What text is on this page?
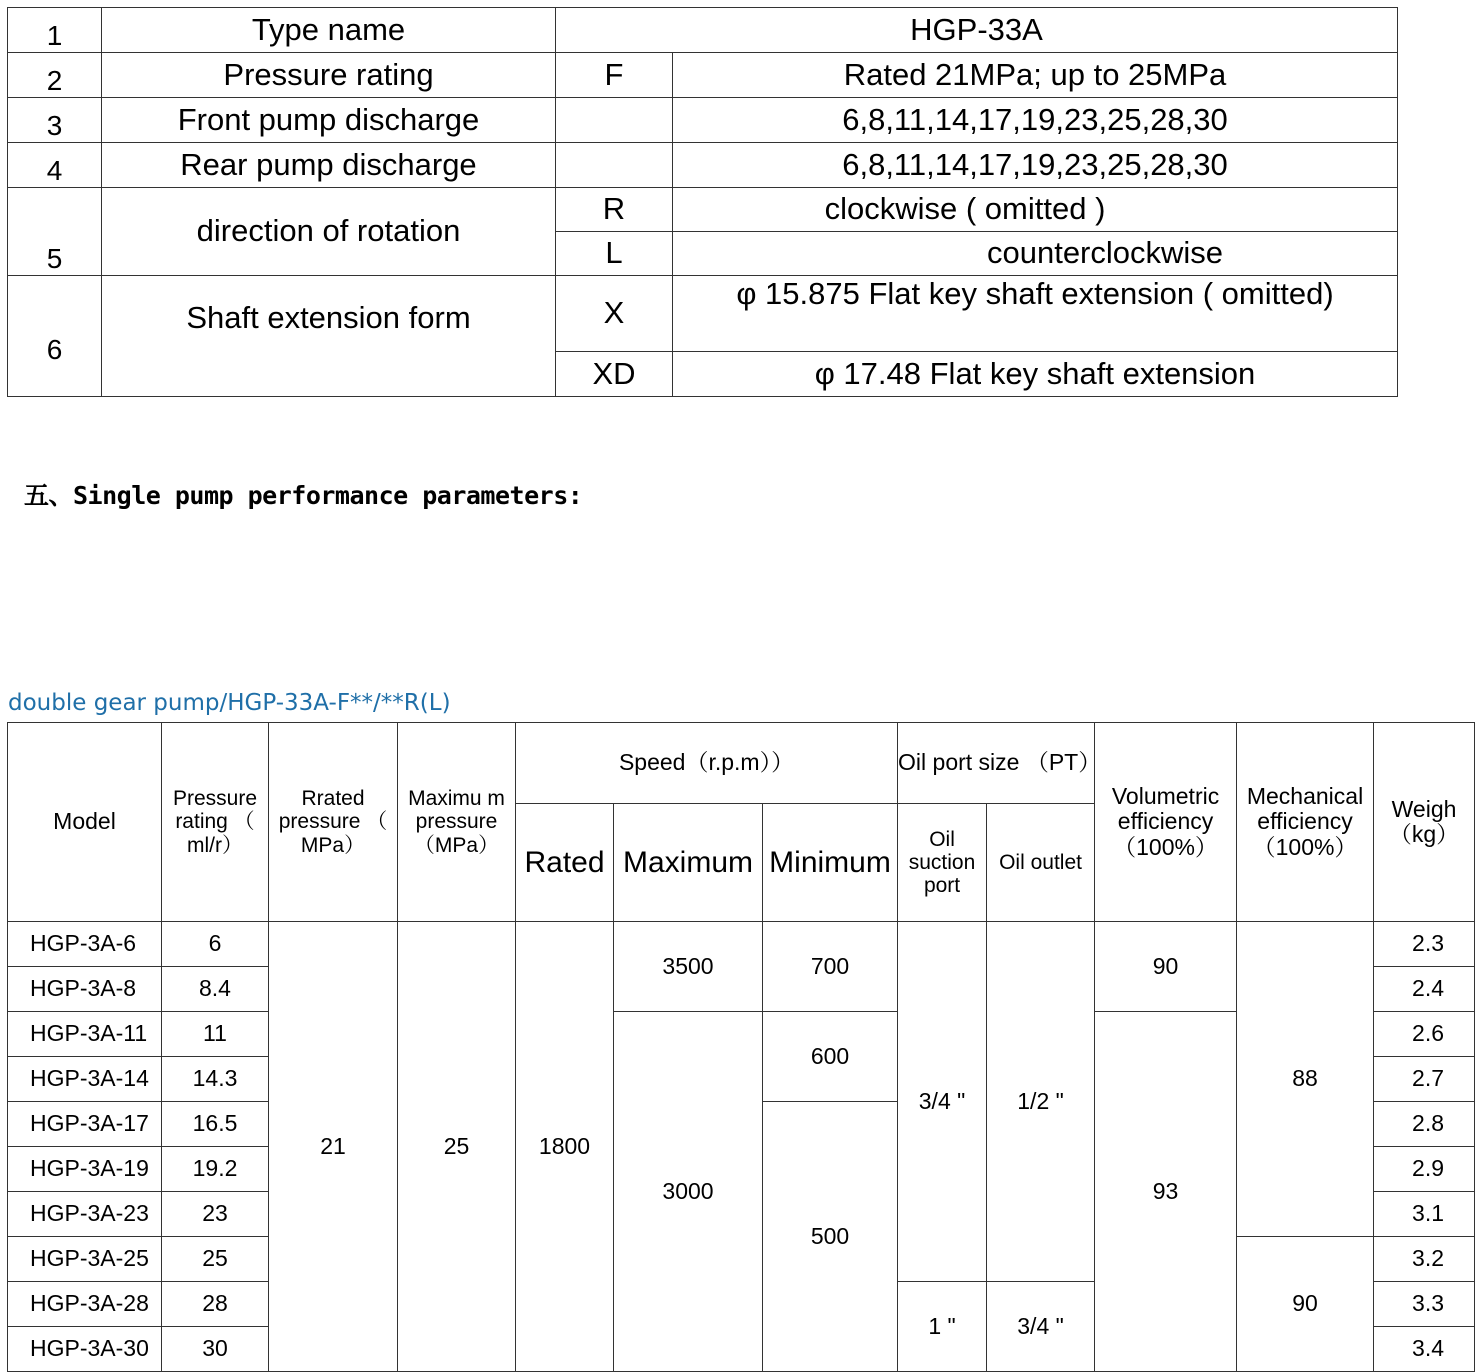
1	Type name	HGP-33A	
2	Pressure rating	F	Rated 21MPa; up to 25MPa
3	Front pump discharge		6,8,11,14,17,19,23,25,28,30
4	Rear pump discharge		6,8,11,14,17,19,23,25,28,30
5	direction of rotation	R	clockwise ( omitted )
		L	counterclockwise
6	Shaft extension form	X	φ 15.875 Flat key shaft extension ( omitted)
		XD	φ 17.48 Flat key shaft extension
五、Single pump performance parameters:
double gear pump/HGP-33A-F**/**R(L)
Model	Pressure rating （ ml/r）	Rrated pressure （ MPa）	Maximu m pressure （MPa）	Speed（r.p.m））			Oil port size （PT）		Volumetric efficiency （100%）	Mechanical efficiency （100%）	Weigh （kg）
				Rated	Maximum	Minimum	Oil suction port	Oil outlet			
HGP-3A-6	6	21	25	1800	3500	700	3/4 "	1/2 "	90	88	2.3
HGP-3A-8	8.4										2.4
HGP-3A-11	11				3000	600			93		2.6
HGP-3A-14	14.3										2.7
HGP-3A-17	16.5					500					2.8
HGP-3A-19	19.2										2.9
HGP-3A-23	23										3.1
HGP-3A-25	25									90	3.2
HGP-3A-28	28						1 "	3/4 "			3.3
HGP-3A-30	30										3.4
